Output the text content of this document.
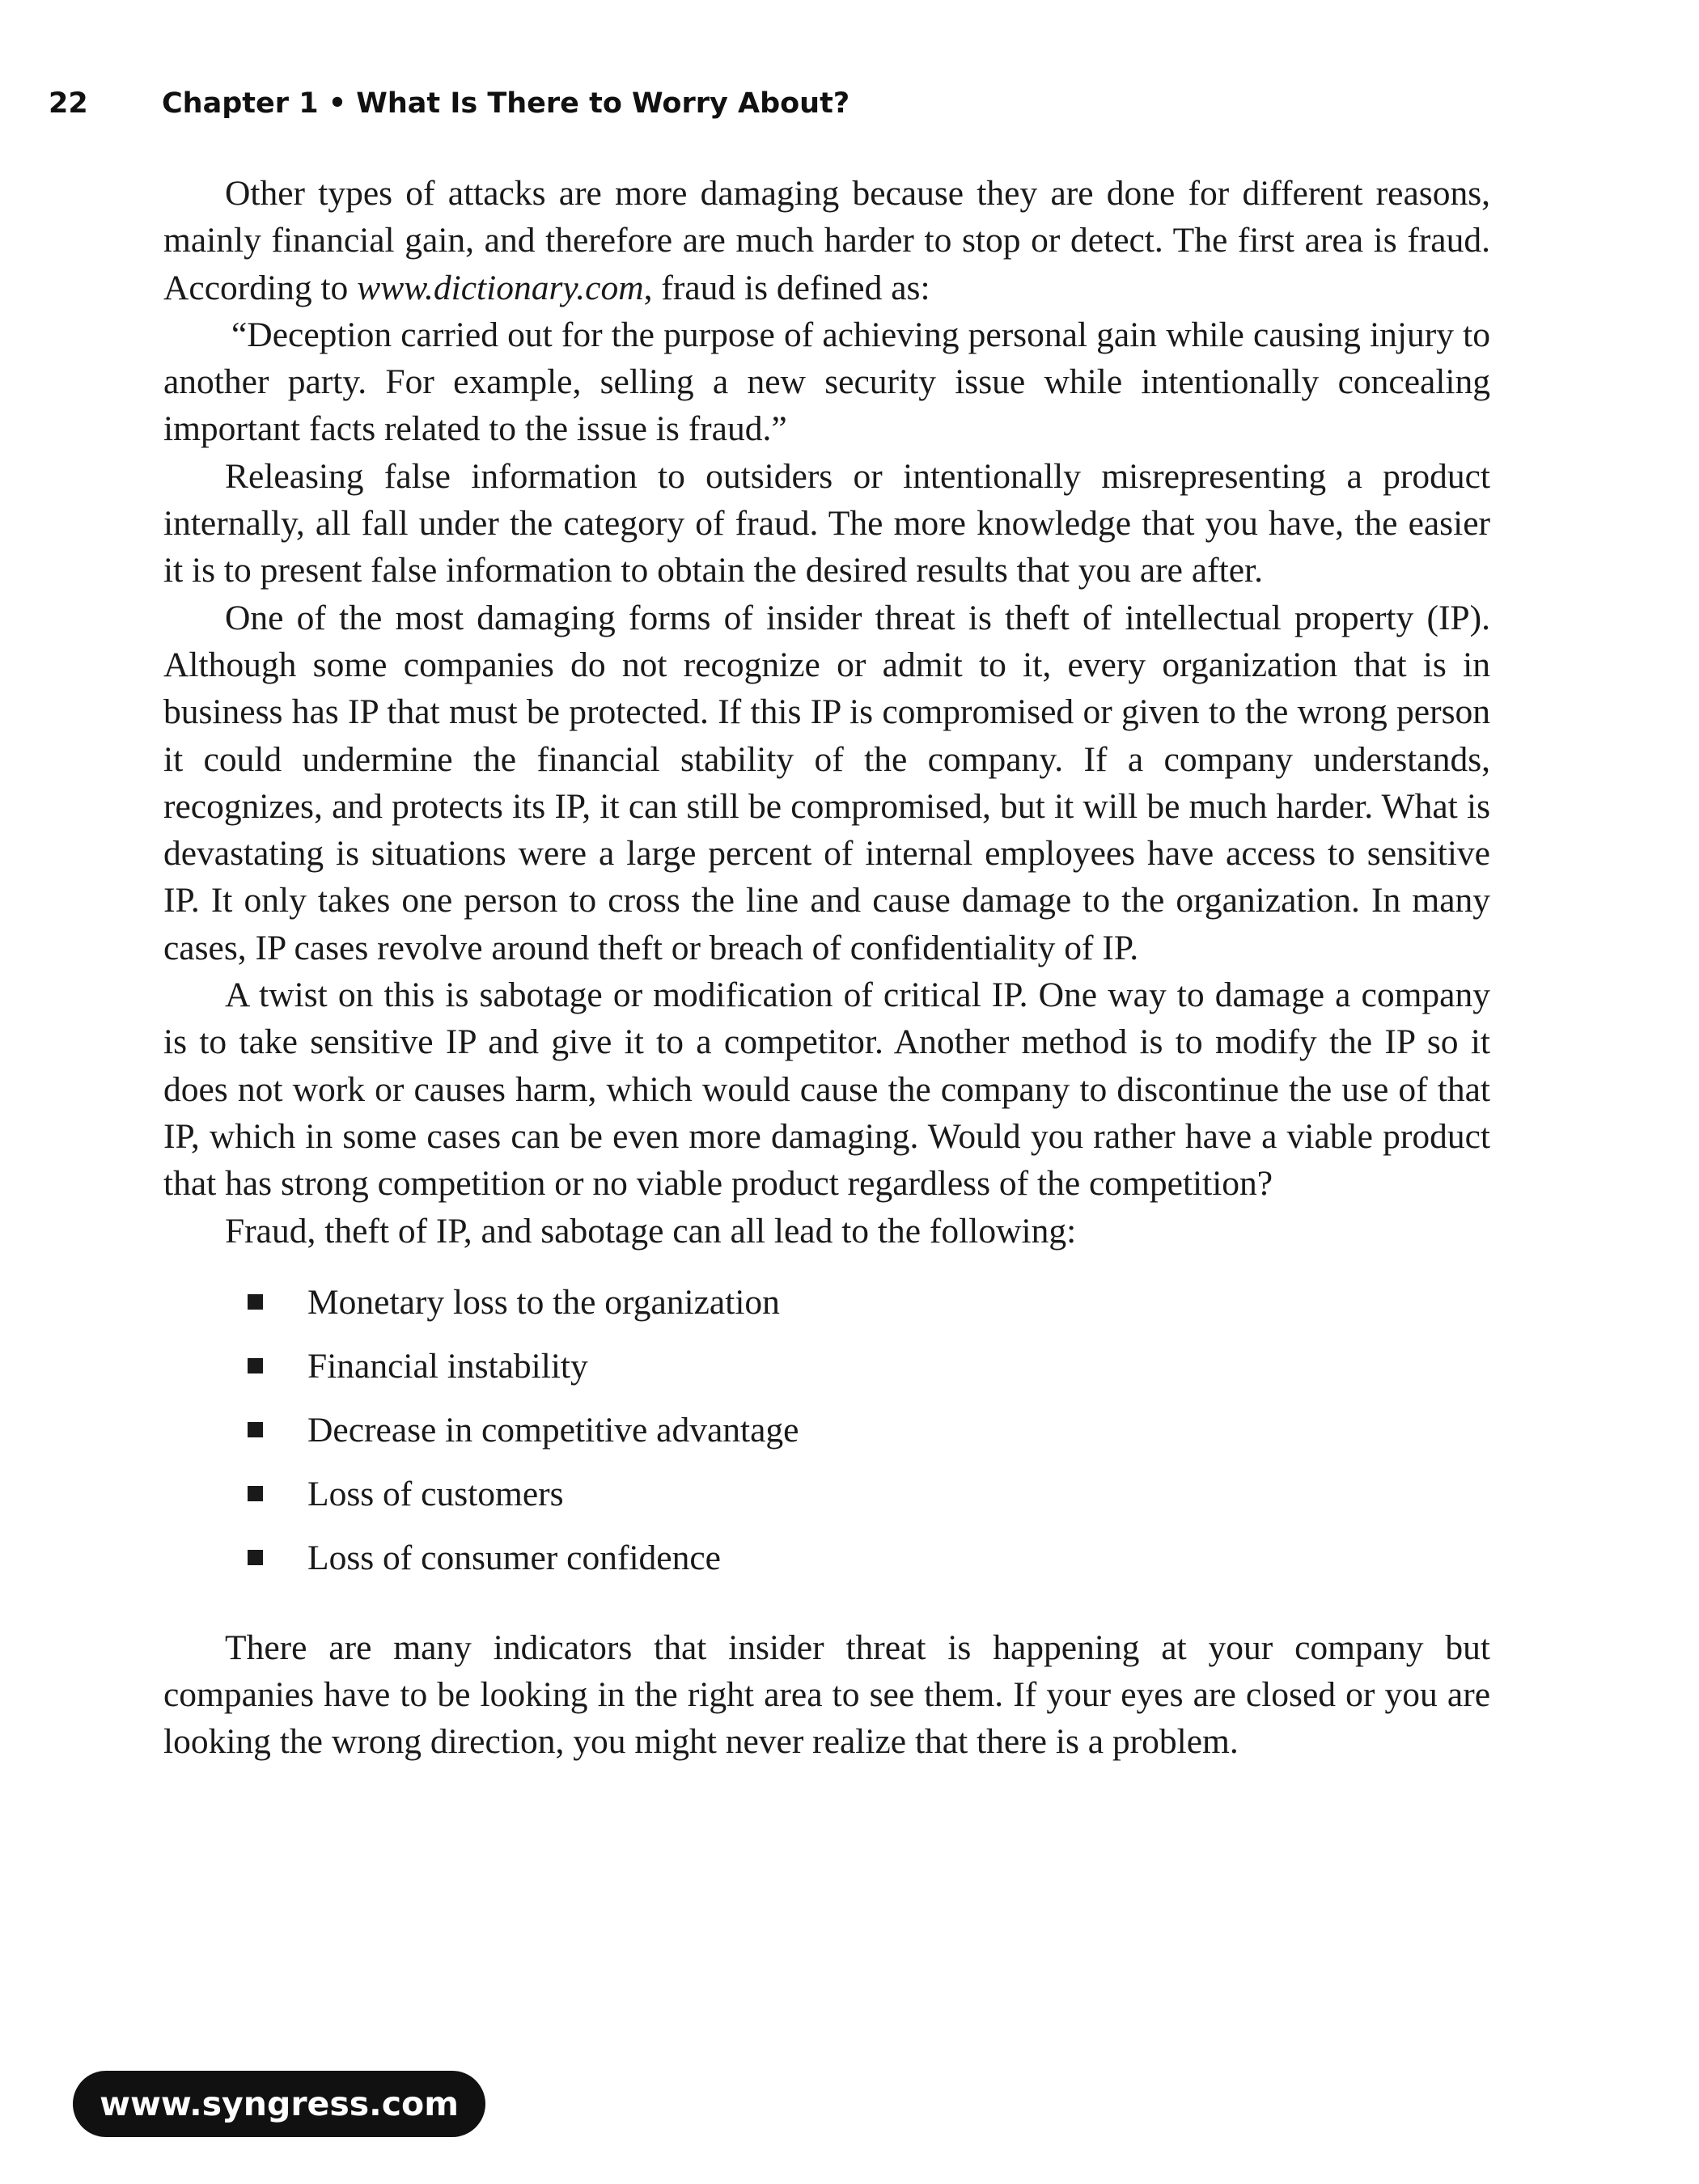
22	Chapter 1 • What Is There to Worry About?

Other types of attacks are more damaging because they are done for different reasons, mainly financial gain, and therefore are much harder to stop or detect. The first area is fraud. According to www.dictionary.com, fraud is defined as:

“Deception carried out for the purpose of achieving personal gain while causing injury to another party. For example, selling a new security issue while intentionally concealing important facts related to the issue is fraud.”

Releasing false information to outsiders or intentionally misrepresenting a product internally, all fall under the category of fraud. The more knowledge that you have, the easier it is to present false information to obtain the desired results that you are after.

One of the most damaging forms of insider threat is theft of intellectual property (IP). Although some companies do not recognize or admit to it, every organization that is in business has IP that must be protected. If this IP is compromised or given to the wrong person it could undermine the financial stability of the company. If a company understands, recognizes, and protects its IP, it can still be compromised, but it will be much harder. What is devastating is situations were a large percent of internal employees have access to sensitive IP. It only takes one person to cross the line and cause damage to the organization. In many cases, IP cases revolve around theft or breach of confidentiality of IP.

A twist on this is sabotage or modification of critical IP. One way to damage a company is to take sensitive IP and give it to a competitor. Another method is to modify the IP so it does not work or causes harm, which would cause the company to discontinue the use of that IP, which in some cases can be even more damaging. Would you rather have a viable product that has strong competition or no viable product regardless of the competition?

Fraud, theft of IP, and sabotage can all lead to the following:

Monetary loss to the organization
Financial instability
Decrease in competitive advantage
Loss of customers
Loss of consumer confidence

There are many indicators that insider threat is happening at your company but companies have to be looking in the right area to see them. If your eyes are closed or you are looking the wrong direction, you might never realize that there is a problem.

www.syngress.com
